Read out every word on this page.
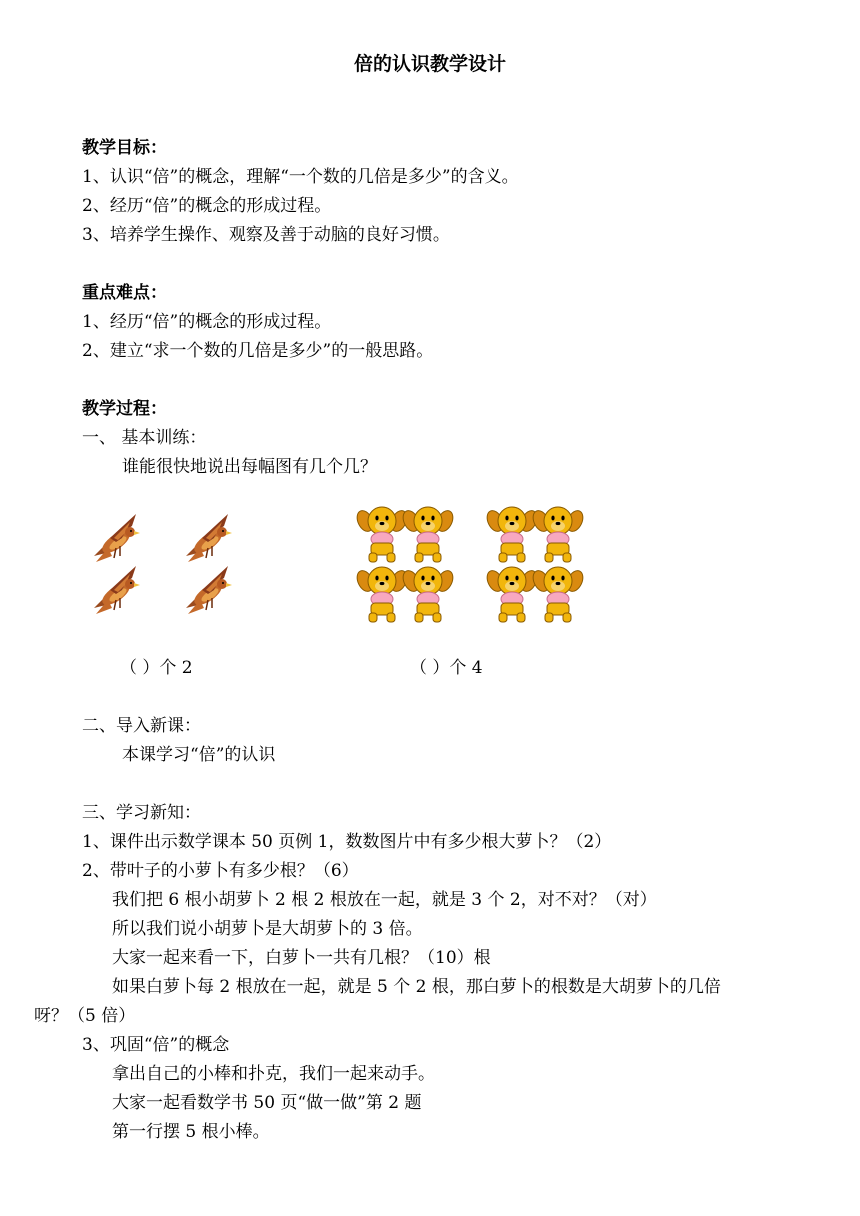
倍的认识教学设计
教学目标：
1、认识“倍”的概念，理解“一个数的几倍是多少”的含义。
2、经历“倍”的概念的形成过程。
3、培养学生操作、观察及善于动脑的良好习惯。
重点难点：
1、经历“倍”的概念的形成过程。
2、建立“求一个数的几倍是多少”的一般思路。
教学过程：
一、 基本训练：
谁能很快地说出每幅图有几个几？
（ ）个 2	（ ）个 4
二、导入新课：
本课学习“倍”的认识
三、学习新知：
1、课件出示数学课本 50 页例 1，数数图片中有多少根大萝卜？（2）
2、带叶子的小萝卜有多少根？（6）
我们把 6 根小胡萝卜 2 根 2 根放在一起，就是 3 个 2，对不对？（对）
所以我们说小胡萝卜是大胡萝卜的 3 倍。
大家一起来看一下，白萝卜一共有几根？（10）根
如果白萝卜每 2 根放在一起，就是 5 个 2 根，那白萝卜的根数是大胡萝卜的几倍
呀？（5 倍）
3、巩固“倍”的概念
拿出自己的小棒和扑克，我们一起来动手。
大家一起看数学书 50 页“做一做”第 2 题
第一行摆 5 根小棒。
